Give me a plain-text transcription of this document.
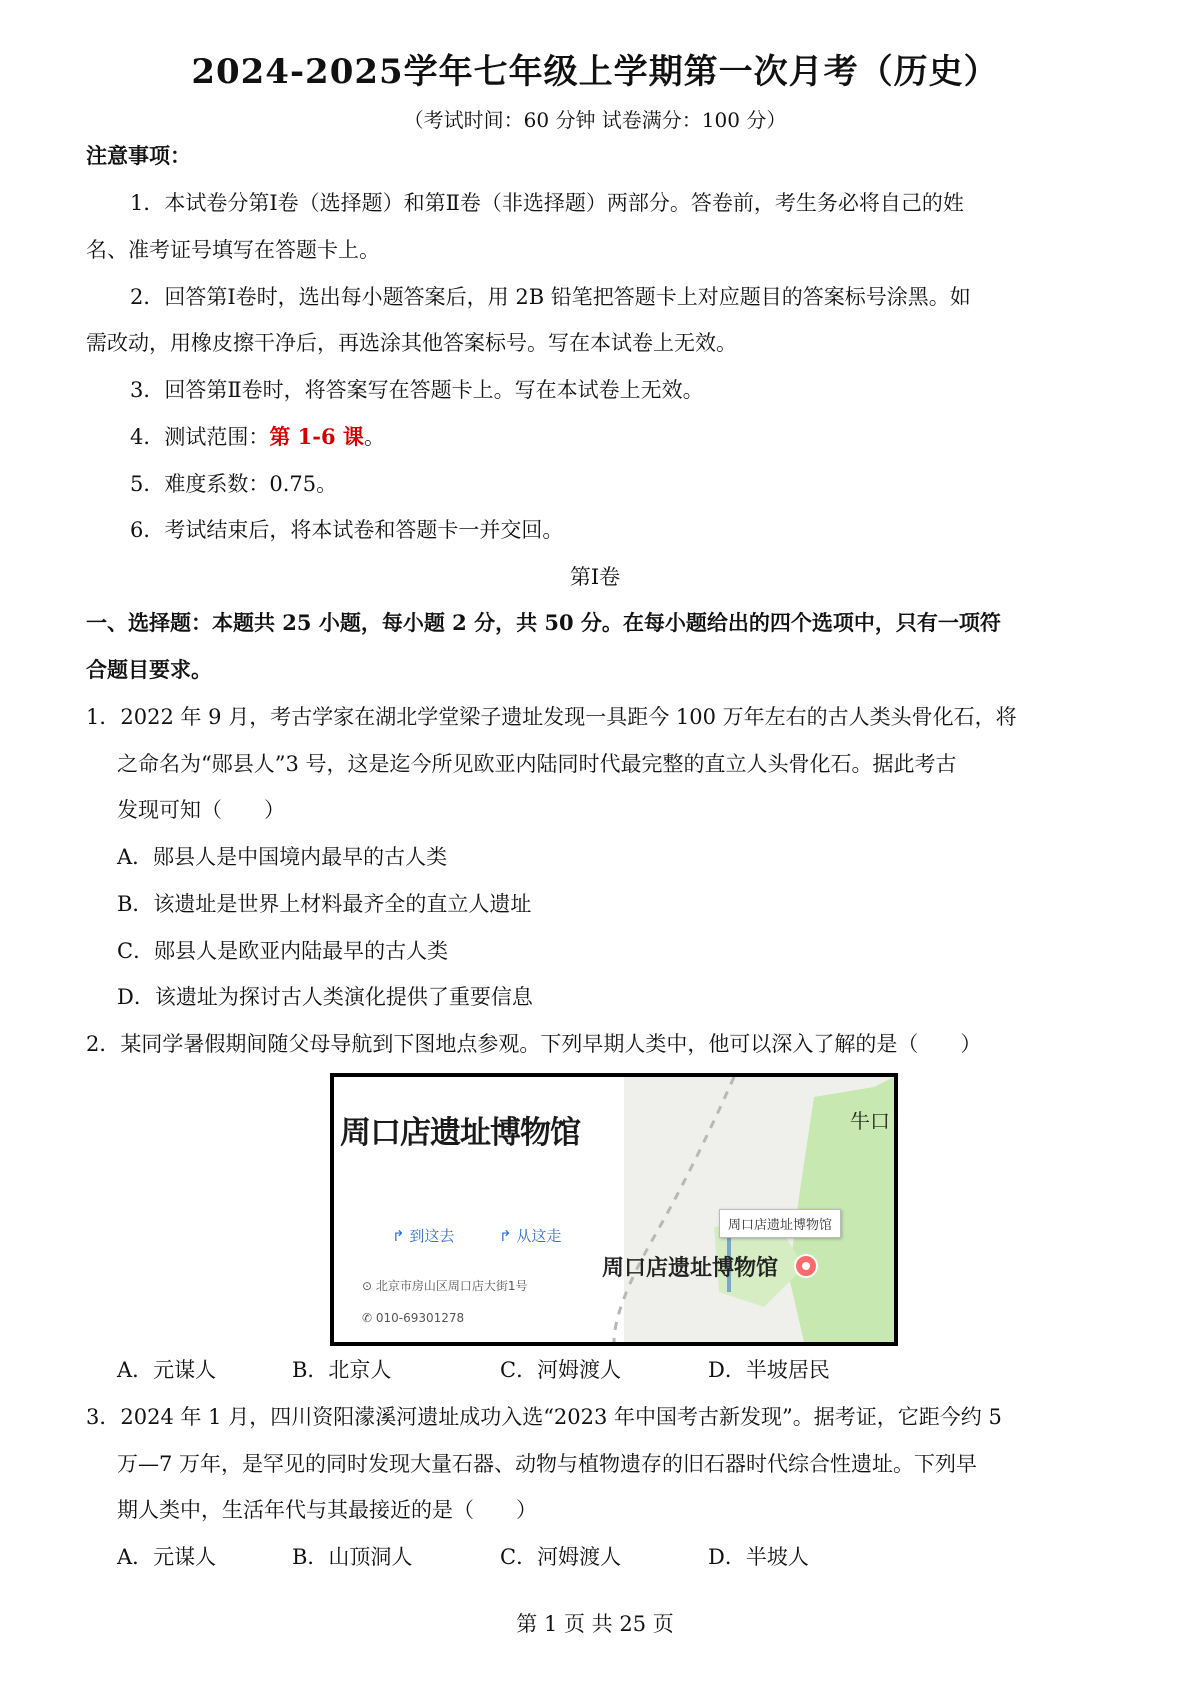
2024-2025学年七年级上学期第一次月考（历史）
（考试时间：60 分钟 试卷满分：100 分）
注意事项：
1．本试卷分第Ⅰ卷（选择题）和第Ⅱ卷（非选择题）两部分。答卷前，考生务必将自己的姓
名、准考证号填写在答题卡上。
2．回答第Ⅰ卷时，选出每小题答案后，用 2B 铅笔把答题卡上对应题目的答案标号涂黑。如
需改动，用橡皮擦干净后，再选涂其他答案标号。写在本试卷上无效。
3．回答第Ⅱ卷时，将答案写在答题卡上。写在本试卷上无效。
4．测试范围：第 1-6 课。
5．难度系数：0.75。
6．考试结束后，将本试卷和答题卡一并交回。
第Ⅰ卷
一、选择题：本题共 25 小题，每小题 2 分，共 50 分。在每小题给出的四个选项中，只有一项符
合题目要求。
1．2022 年 9 月，考古学家在湖北学堂梁子遗址发现一具距今 100 万年左右的古人类头骨化石，将
之命名为“郧县人”3 号，这是迄今所见欧亚内陆同时代最完整的直立人头骨化石。据此考古
发现可知（　　）
A．郧县人是中国境内最早的古人类
B．该遗址是世界上材料最齐全的直立人遗址
C．郧县人是欧亚内陆最早的古人类
D．该遗址为探讨古人类演化提供了重要信息
2．某同学暑假期间随父母导航到下图地点参观。下列早期人类中，他可以深入了解的是（　　）
周口店遗址博物馆
↱ 到这去	↱ 从这走
⊙ 北京市房山区周口店大街1号
✆ 010-69301278
周口店遗址博物馆
周口店遗址博物馆
牛口
A．元谋人	B．北京人	C．河姆渡人	D．半坡居民
3．2024 年 1 月，四川资阳濛溪河遗址成功入选“2023 年中国考古新发现”。据考证，它距今约 5
万—7 万年，是罕见的同时发现大量石器、动物与植物遗存的旧石器时代综合性遗址。下列早
期人类中，生活年代与其最接近的是（　　）
A．元谋人	B．山顶洞人	C．河姆渡人	D．半坡人
第 1 页 共 25 页
